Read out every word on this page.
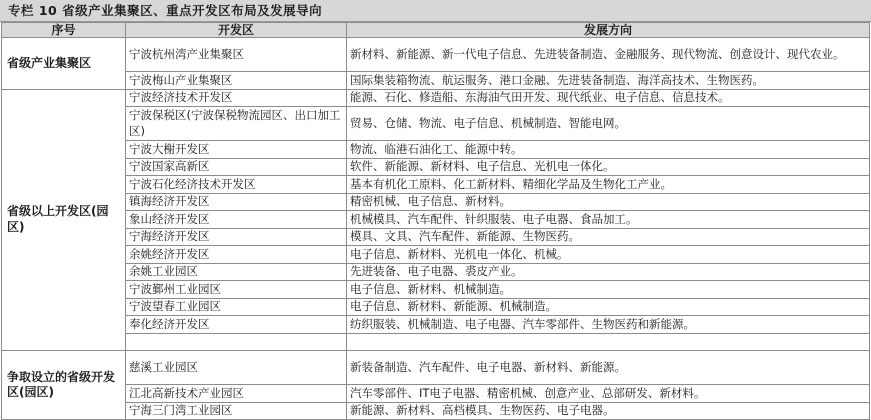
专栏 10 省级产业集聚区、重点开发区布局及发展导向
序号	开发区	发展方向
省级产业集聚区	宁波杭州湾产业集聚区	新材料、新能源、新一代电子信息、先进装备制造、金融服务、现代物流、创意设计、现代农业。
	宁波梅山产业集聚区	国际集装箱物流、航运服务、港口金融、先进装备制造、海洋高技术、生物医药。
省级以上开发区(园区)	宁波经济技术开发区	能源、石化、修造船、东海油气田开发、现代纸业、电子信息、信息技术。
	宁波保税区(宁波保税物流园区、出口加工区)	贸易、仓储、物流、电子信息、机械制造、智能电网。
	宁波大榭开发区	物流、临港石油化工、能源中转。
	宁波国家高新区	软件、新能源、新材料、电子信息、光机电一体化。
	宁波石化经济技术开发区	基本有机化工原料、化工新材料、精细化学品及生物化工产业。
	镇海经济开发区	精密机械、电子信息、新材料。
	象山经济开发区	机械模具、汽车配件、针织服装、电子电器、食品加工。
	宁海经济开发区	模具、文具、汽车配件、新能源、生物医药。
	余姚经济开发区	电子信息、新材料、光机电一体化、机械。
	余姚工业园区	先进装备、电子电器、裘皮产业。
	宁波鄞州工业园区	电子信息、新材料、机械制造。
	宁波望春工业园区	电子信息、新材料、新能源、机械制造。
	奉化经济开发区	纺织服装、机械制造、电子电器、汽车零部件、生物医药和新能源。

争取设立的省级开发区(园区)	慈溪工业园区	新装备制造、汽车配件、电子电器、新材料、新能源。
	江北高新技术产业园区	汽车零部件、IT电子电器、精密机械、创意产业、总部研发、新材料。
	宁海三门湾工业园区	新能源、新材料、高档模具、生物医药、电子电器。
